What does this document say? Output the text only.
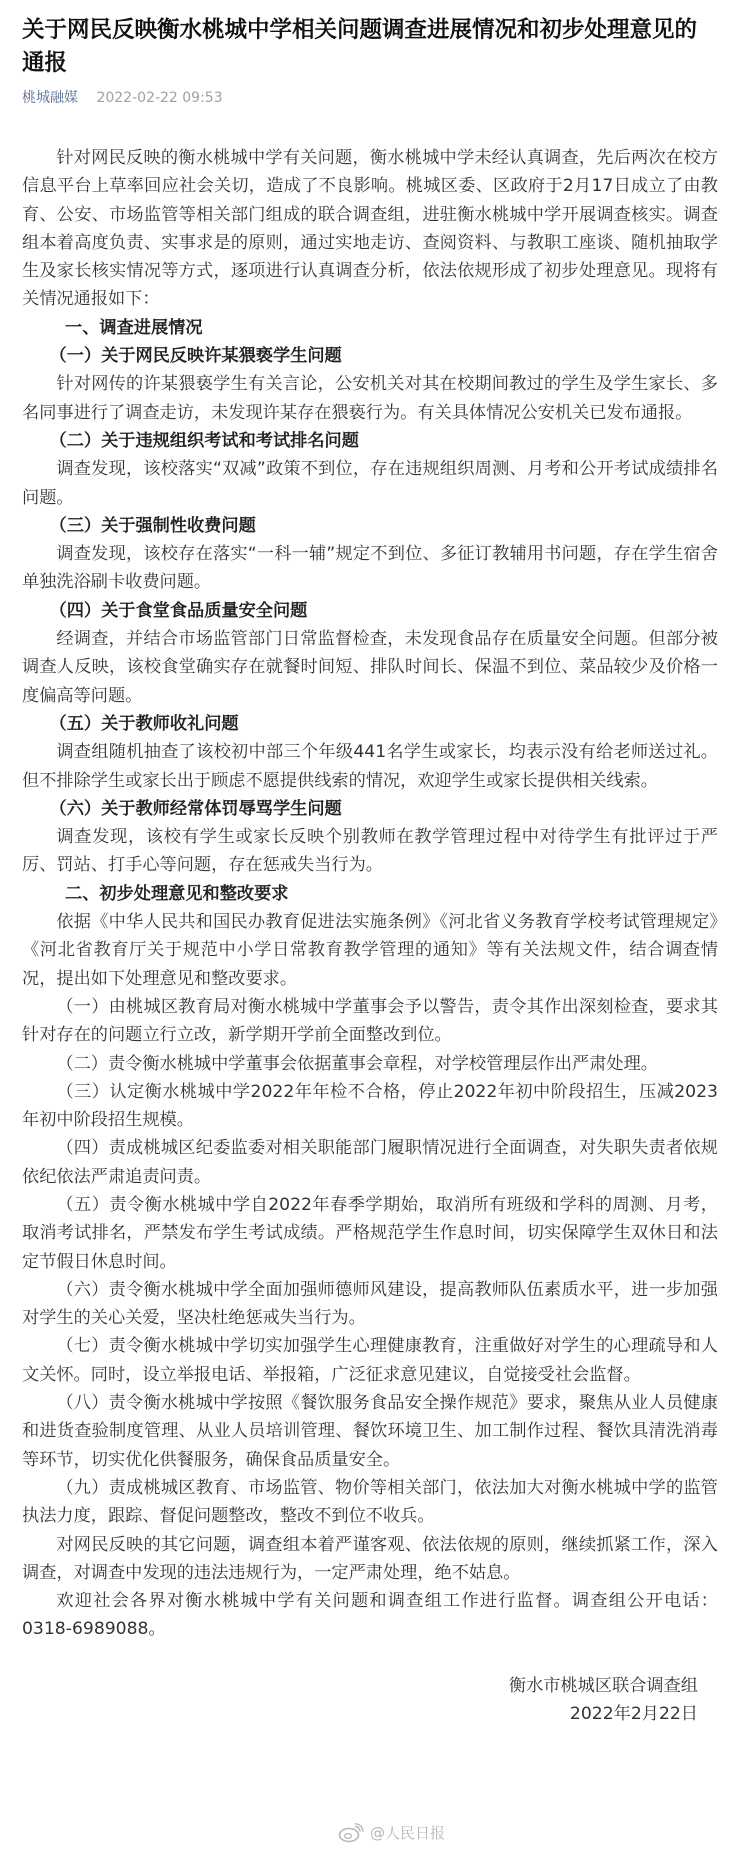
关于网民反映衡水桃城中学相关问题调查进展情况和初步处理意见的通报
桃城融媒 2022-02-22 09:53

针对网民反映的衡水桃城中学有关问题，衡水桃城中学未经认真调查，先后两次在校方信息平台上草率回应社会关切，造成了不良影响。桃城区委、区政府于2月17日成立了由教育、公安、市场监管等相关部门组成的联合调查组，进驻衡水桃城中学开展调查核实。调查组本着高度负责、实事求是的原则，通过实地走访、查阅资料、与教职工座谈、随机抽取学生及家长核实情况等方式，逐项进行认真调查分析，依法依规形成了初步处理意见。现将有关情况通报如下：

一、调查进展情况

（一）关于网民反映许某猥亵学生问题

针对网传的许某猥亵学生有关言论，公安机关对其在校期间教过的学生及学生家长、多名同事进行了调查走访，未发现许某存在猥亵行为。有关具体情况公安机关已发布通报。

（二）关于违规组织考试和考试排名问题

调查发现，该校落实“双减”政策不到位，存在违规组织周测、月考和公开考试成绩排名问题。

（三）关于强制性收费问题

调查发现，该校存在落实“一科一辅”规定不到位、多征订教辅用书问题，存在学生宿舍单独洗浴刷卡收费问题。

（四）关于食堂食品质量安全问题

经调查，并结合市场监管部门日常监督检查，未发现食品存在质量安全问题。但部分被调查人反映，该校食堂确实存在就餐时间短、排队时间长、保温不到位、菜品较少及价格一度偏高等问题。

（五）关于教师收礼问题

调查组随机抽查了该校初中部三个年级441名学生或家长，均表示没有给老师送过礼。但不排除学生或家长出于顾虑不愿提供线索的情况，欢迎学生或家长提供相关线索。

（六）关于教师经常体罚辱骂学生问题

调查发现，该校有学生或家长反映个别教师在教学管理过程中对待学生有批评过于严厉、罚站、打手心等问题，存在惩戒失当行为。

二、初步处理意见和整改要求

依据《中华人民共和国民办教育促进法实施条例》《河北省义务教育学校考试管理规定》《河北省教育厅关于规范中小学日常教育教学管理的通知》等有关法规文件，结合调查情况，提出如下处理意见和整改要求。

（一）由桃城区教育局对衡水桃城中学董事会予以警告，责令其作出深刻检查，要求其针对存在的问题立行立改，新学期开学前全面整改到位。

（二）责令衡水桃城中学董事会依据董事会章程，对学校管理层作出严肃处理。

（三）认定衡水桃城中学2022年年检不合格，停止2022年初中阶段招生，压减2023年初中阶段招生规模。

（四）责成桃城区纪委监委对相关职能部门履职情况进行全面调查，对失职失责者依规依纪依法严肃追责问责。

（五）责令衡水桃城中学自2022年春季学期始，取消所有班级和学科的周测、月考，取消考试排名，严禁发布学生考试成绩。严格规范学生作息时间，切实保障学生双休日和法定节假日休息时间。

（六）责令衡水桃城中学全面加强师德师风建设，提高教师队伍素质水平，进一步加强对学生的关心关爱，坚决杜绝惩戒失当行为。

（七）责令衡水桃城中学切实加强学生心理健康教育，注重做好对学生的心理疏导和人文关怀。同时，设立举报电话、举报箱，广泛征求意见建议，自觉接受社会监督。

（八）责令衡水桃城中学按照《餐饮服务食品安全操作规范》要求，聚焦从业人员健康和进货查验制度管理、从业人员培训管理、餐饮环境卫生、加工制作过程、餐饮具清洗消毒等环节，切实优化供餐服务，确保食品质量安全。

（九）责成桃城区教育、市场监管、物价等相关部门，依法加大对衡水桃城中学的监管执法力度，跟踪、督促问题整改，整改不到位不收兵。

对网民反映的其它问题，调查组本着严谨客观、依法依规的原则，继续抓紧工作，深入调查，对调查中发现的违法违规行为，一定严肃处理，绝不姑息。

欢迎社会各界对衡水桃城中学有关问题和调查组工作进行监督。调查组公开电话：0318-6989088。

衡水市桃城区联合调查组

2022年2月22日

@人民日报
